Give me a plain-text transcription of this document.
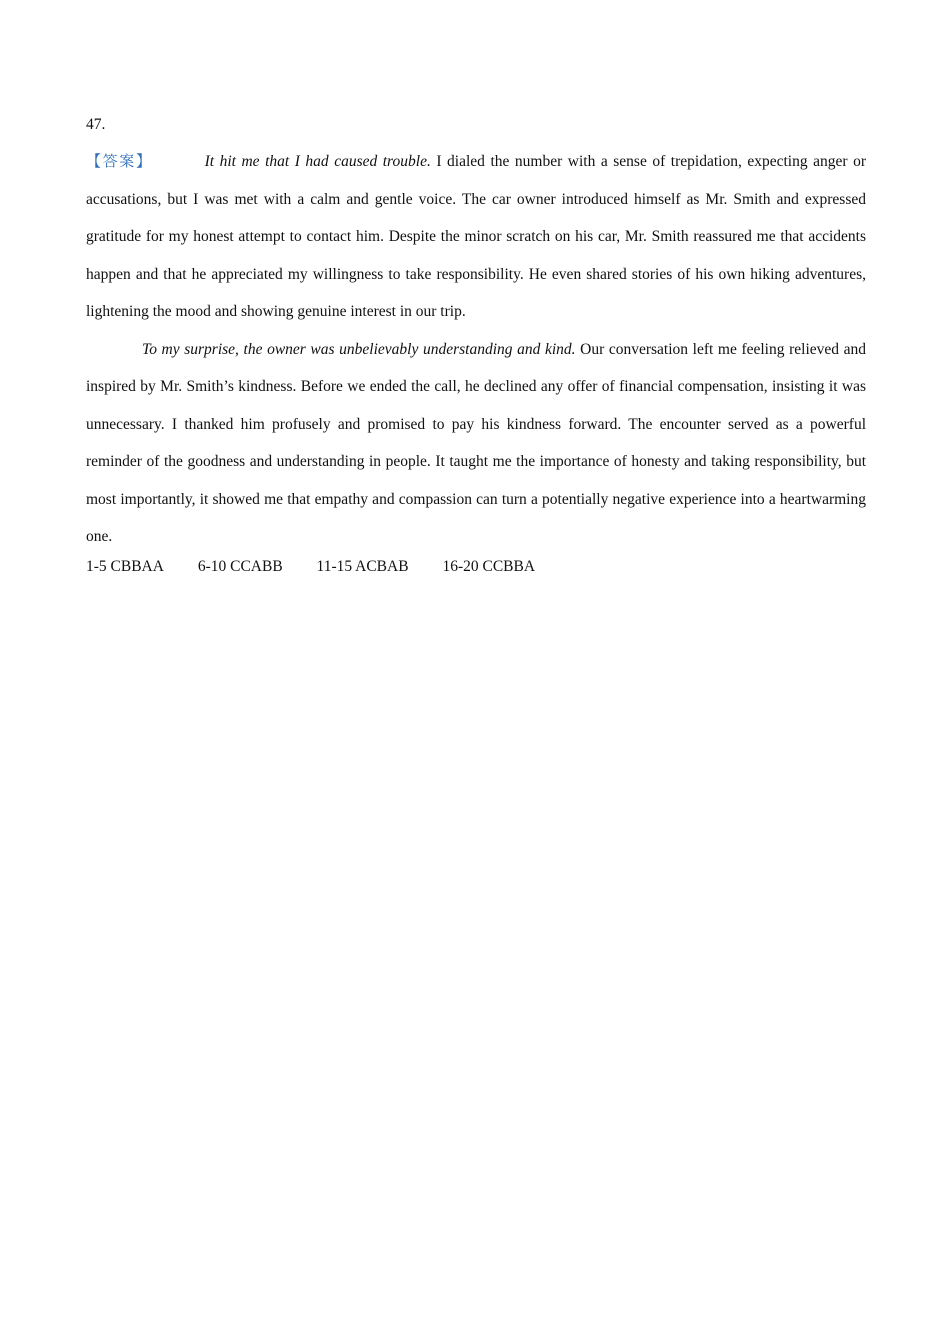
47.

【答案】	It hit me that I had caused trouble. I dialed the number with a sense of trepidation, expecting anger or accusations, but I was met with a calm and gentle voice. The car owner introduced himself as Mr. Smith and expressed gratitude for my honest attempt to contact him. Despite the minor scratch on his car, Mr. Smith reassured me that accidents happen and that he appreciated my willingness to take responsibility. He even shared stories of his own hiking adventures, lightening the mood and showing genuine interest in our trip.

To my surprise, the owner was unbelievably understanding and kind. Our conversation left me feeling relieved and inspired by Mr. Smith’s kindness. Before we ended the call, he declined any offer of financial compensation, insisting it was unnecessary. I thanked him profusely and promised to pay his kindness forward. The encounter served as a powerful reminder of the goodness and understanding in people. It taught me the importance of honesty and taking responsibility, but most importantly, it showed me that empathy and compassion can turn a potentially negative experience into a heartwarming one.

1-5 CBBAA 6-10 CCABB 11-15 ACBAB 16-20 CCBBA
